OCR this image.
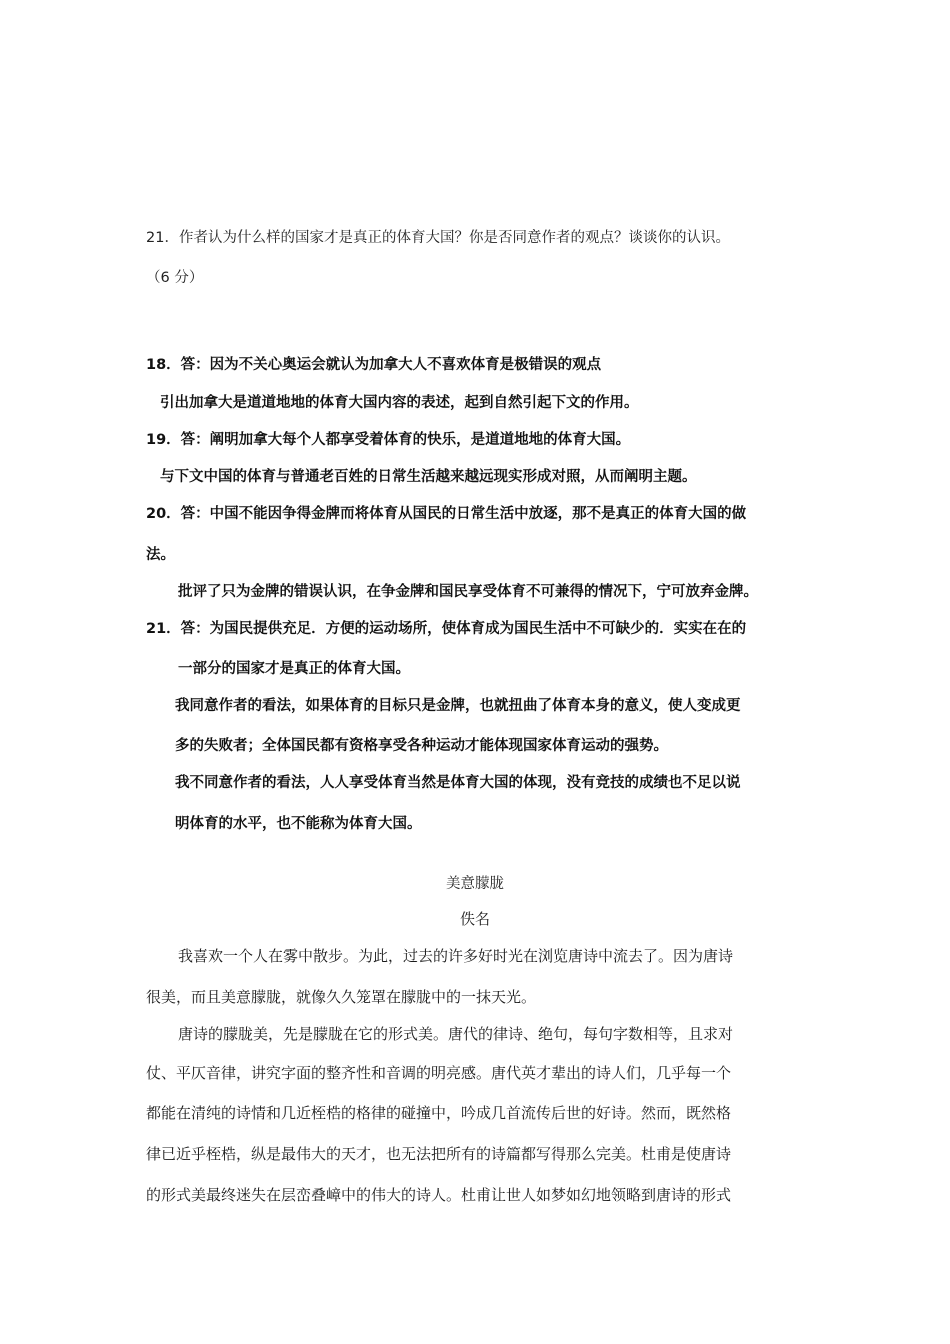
21．作者认为什么样的国家才是真正的体育大国？你是否同意作者的观点？谈谈你的认识。

（6 分）

18．答：因为不关心奥运会就认为加拿大人不喜欢体育是极错误的观点

引出加拿大是道道地地的体育大国内容的表述，起到自然引起下文的作用。

19．答：阐明加拿大每个人都享受着体育的快乐，是道道地地的体育大国。

与下文中国的体育与普通老百姓的日常生活越来越远现实形成对照，从而阐明主题。

20．答：中国不能因争得金牌而将体育从国民的日常生活中放逐，那不是真正的体育大国的做

法。

批评了只为金牌的错误认识，在争金牌和国民享受体育不可兼得的情况下，宁可放弃金牌。

21．答：为国民提供充足．方便的运动场所，使体育成为国民生活中不可缺少的．实实在在的

一部分的国家才是真正的体育大国。

我同意作者的看法，如果体育的目标只是金牌，也就扭曲了体育本身的意义，使人变成更

多的失败者；全体国民都有资格享受各种运动才能体现国家体育运动的强势。

我不同意作者的看法，人人享受体育当然是体育大国的体现，没有竞技的成绩也不足以说

明体育的水平，也不能称为体育大国。

美意朦胧

佚名

我喜欢一个人在雾中散步。为此，过去的许多好时光在浏览唐诗中流去了。因为唐诗

很美，而且美意朦胧，就像久久笼罩在朦胧中的一抹天光。

唐诗的朦胧美，先是朦胧在它的形式美。唐代的律诗、绝句，每句字数相等，且求对

仗、平仄音律，讲究字面的整齐性和音调的明亮感。唐代英才辈出的诗人们，几乎每一个

都能在清纯的诗情和几近桎梏的格律的碰撞中，吟成几首流传后世的好诗。然而，既然格

律已近乎桎梏，纵是最伟大的天才，也无法把所有的诗篇都写得那么完美。杜甫是使唐诗

的形式美最终迷失在层峦叠嶂中的伟大的诗人。杜甫让世人如梦如幻地领略到唐诗的形式
